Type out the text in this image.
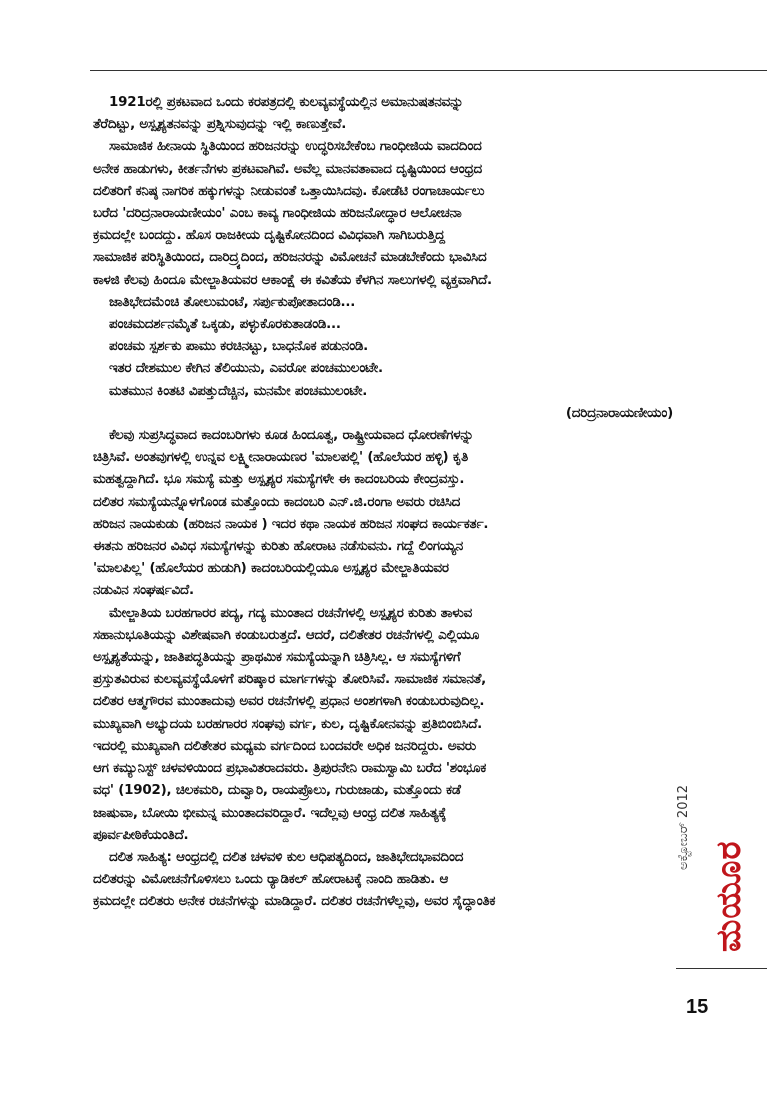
1921ರಲ್ಲಿ ಪ್ರಕಟವಾದ ಒಂದು ಕರಪತ್ರದಲ್ಲಿ ಕುಲವ್ಯವಸ್ಥೆಯಲ್ಲಿನ ಅಮಾನುಷತನವನ್ನು
ತೆರೆದಿಟ್ಟು, ಅಸ್ಪೃಶ್ಯತನವನ್ನು ಪ್ರಶ್ನಿಸುವುದನ್ನು ಇಲ್ಲಿ ಕಾಣುತ್ತೇವೆ.
ಸಾಮಾಜಿಕ ಹೀನಾಯ ಸ್ಥಿತಿಯಿಂದ ಹರಿಜನರನ್ನು ಉದ್ಧರಿಸಬೇಕೆಂಬ ಗಾಂಧೀಜಿಯ ವಾದದಿಂದ
ಅನೇಕ ಹಾಡುಗಳು, ಕೀರ್ತನೆಗಳು ಪ್ರಕಟವಾಗಿವೆ. ಅವೆಲ್ಲ ಮಾನವತಾವಾದ ದೃಷ್ಟಿಯಿಂದ ಆಂಧ್ರದ
ದಲಿತರಿಗೆ ಕನಿಷ್ಠ ನಾಗರಿಕ ಹಕ್ಕುಗಳನ್ನು ನೀಡುವಂತೆ ಒತ್ತಾಯಿಸಿದವು. ಕೋಡೆಟಿ ರಂಗಾಚಾರ್ಯಲು
ಬರೆದ 'ದರಿದ್ರನಾರಾಯಣೀಯಂ' ಎಂಬ ಕಾವ್ಯ ಗಾಂಧೀಜಿಯ ಹರಿಜನೋದ್ಧಾರ ಆಲೋಚನಾ
ಕ್ರಮದಲ್ಲೇ ಬಂದದ್ದು. ಹೊಸ ರಾಜಕೀಯ ದೃಷ್ಟಿಕೋನದಿಂದ ವಿವಿಧವಾಗಿ ಸಾಗಿಬರುತ್ತಿದ್ದ
ಸಾಮಾಜಿಕ ಪರಿಸ್ಥಿತಿಯಿಂದ, ದಾರಿದ್ರ್ಯದಿಂದ, ಹರಿಜನರನ್ನು ವಿಮೋಚನೆ ಮಾಡಬೇಕೆಂದು ಭಾವಿಸಿದ
ಕಾಳಜಿ ಕೆಲವು ಹಿಂದೂ ಮೇಲ್ಜಾತಿಯವರ ಆಕಾಂಕ್ಷೆ ಈ ಕವಿತೆಯ ಕೆಳಗಿನ ಸಾಲುಗಳಲ್ಲಿ ವ್ಯಕ್ತವಾಗಿದೆ.
ಜಾತಿಭೇದಮೆಂಚಿ ತೋಲುಮಂಟೆ, ಸರ್ಪುಕುಪೋತಾದಂಡಿ...
ಪಂಚಮದರ್ಶನಮೈತೆ ಒಕ್ಕಡು, ಪಳ್ಳುಕೊರಕುತಾಡಂಡಿ...
ಪಂಚಮ ಸ್ಪರ್ಶಕು ಪಾಮು ಕರಚಿನಟ್ಟು, ಬಾಧನೊಕ ಪಡುನಂಡಿ.
ಇತರ ದೇಶಮುಲ ಕೇಗಿನ ತೆಲಿಯುನು, ಎವರೋ ಪಂಚಮುಲಂಟೇ.
ಮತಮುನ ಕಿಂತಟಿ ವಿಪತ್ತುದೆಚ್ಚಿನ, ಮನಮೇ ಪಂಚಮುಲಂಟೇ.
(ದರಿದ್ರನಾರಾಯಣೀಯಂ)
ಕೆಲವು ಸುಪ್ರಸಿದ್ಧವಾದ ಕಾದಂಬರಿಗಳು ಕೂಡ ಹಿಂದೂತ್ವ, ರಾಷ್ಟ್ರೀಯವಾದ ಧೋರಣೆಗಳನ್ನು
ಚಿತ್ರಿಸಿವೆ. ಅಂತವುಗಳಲ್ಲಿ ಉನ್ನವ ಲಕ್ಷ್ಮೀನಾರಾಯಣರ 'ಮಾಲಪಲ್ಲಿ' (ಹೊಲೆಯರ ಹಳ್ಳಿ) ಕೃತಿ
ಮಹತ್ವದ್ದಾಗಿದೆ. ಭೂ ಸಮಸ್ಯೆ ಮತ್ತು ಅಸ್ಪೃಶ್ಯರ ಸಮಸ್ಯೆಗಳೇ ಈ ಕಾದಂಬರಿಯ ಕೇಂದ್ರವಸ್ತು.
ದಲಿತರ ಸಮಸ್ಯೆಯನ್ನೊಳಗೊಂಡ ಮತ್ತೊಂದು ಕಾದಂಬರಿ ಎನ್.ಜಿ.ರಂಗಾ ಅವರು ರಚಿಸಿದ
ಹರಿಜನ ನಾಯಕುಡು (ಹರಿಜನ ನಾಯಕ ) ಇದರ ಕಥಾ ನಾಯಕ ಹರಿಜನ ಸಂಘದ ಕಾರ್ಯಕರ್ತ.
ಈತನು ಹರಿಜನರ ವಿವಿಧ ಸಮಸ್ಯೆಗಳನ್ನು ಕುರಿತು ಹೋರಾಟ ನಡೆಸುವನು. ಗದ್ದೆ ಲಿಂಗಯ್ಯನ
'ಮಾಲಪಿಲ್ಲ' (ಹೊಲೆಯರ ಹುಡುಗಿ) ಕಾದಂಬರಿಯಲ್ಲಿಯೂ ಅಸ್ಪೃಶ್ಯರ ಮೇಲ್ಜಾತಿಯವರ
ನಡುವಿನ ಸಂಘರ್ಷವಿದೆ.
ಮೇಲ್ಜಾತಿಯ ಬರಹಗಾರರ ಪದ್ಯ, ಗದ್ಯ ಮುಂತಾದ ರಚನೆಗಳಲ್ಲಿ ಅಸ್ಪೃಶ್ಯರ ಕುರಿತು ತಾಳುವ
ಸಹಾನುಭೂತಿಯನ್ನು ವಿಶೇಷವಾಗಿ ಕಂಡುಬರುತ್ತದೆ. ಆದರೆ, ದಲಿತೇತರ ರಚನೆಗಳಲ್ಲಿ ಎಲ್ಲಿಯೂ
ಅಸ್ಪೃಶ್ಯತೆಯನ್ನು, ಜಾತಿಪದ್ಧತಿಯನ್ನು ಪ್ರಾಥಮಿಕ ಸಮಸ್ಯೆಯನ್ನಾಗಿ ಚಿತ್ರಿಸಿಲ್ಲ. ಆ ಸಮಸ್ಯೆಗಳಿಗೆ
ಪ್ರಸ್ತುತವಿರುವ ಕುಲವ್ಯವಸ್ಥೆಯೊಳಗೆ ಪರಿಷ್ಕಾರ ಮಾರ್ಗಗಳನ್ನು ತೋರಿಸಿವೆ. ಸಾಮಾಜಿಕ ಸಮಾನತೆ,
ದಲಿತರ ಆತ್ಮಗೌರವ ಮುಂತಾದುವು ಅವರ ರಚನೆಗಳಲ್ಲಿ ಪ್ರಧಾನ ಅಂಶಗಳಾಗಿ ಕಂಡುಬರುವುದಿಲ್ಲ.
ಮುಖ್ಯವಾಗಿ ಅಭ್ಯುದಯ ಬರಹಗಾರರ ಸಂಘವು ವರ್ಗ, ಕುಲ, ದೃಷ್ಟಿಕೋನವನ್ನು ಪ್ರತಿಬಿಂಬಿಸಿದೆ.
ಇದರಲ್ಲಿ ಮುಖ್ಯವಾಗಿ ದಲಿತೇತರ ಮಧ್ಯಮ ವರ್ಗದಿಂದ ಬಂದವರೇ ಅಧಿಕ ಜನರಿದ್ದರು. ಅವರು
ಆಗ ಕಮ್ಯುನಿಸ್ಟ್ ಚಳವಳಿಯಿಂದ ಪ್ರಭಾವಿತರಾದವರು. ತ್ರಿಪುರನೇನಿ ರಾಮಸ್ವಾಮಿ ಬರೆದ 'ಶಂಭೂಕ
ವಧ' (1902), ಚಿಲಕಮರಿ, ದುವ್ವಾರಿ, ರಾಯಪ್ರೊಲು, ಗುರುಜಾಡು, ಮತ್ತೊಂದು ಕಡೆ
ಜಾಷುವಾ, ಬೋಯಿ ಭೀಮನ್ನ ಮುಂತಾದವರಿದ್ದಾರೆ. ಇದೆಲ್ಲವು ಆಂಧ್ರ ದಲಿತ ಸಾಹಿತ್ಯಕ್ಕೆ
ಪೂರ್ವಪೀಠಿಕೆಯಂತಿದೆ.
ದಲಿತ ಸಾಹಿತ್ಯ: ಆಂಧ್ರದಲ್ಲಿ ದಲಿತ ಚಳವಳಿ ಕುಲ ಆಧಿಪತ್ಯದಿಂದ, ಜಾತಿಭೇದಭಾವದಿಂದ
ದಲಿತರನ್ನು ವಿಮೋಚನೆಗೊಳಿಸಲು ಒಂದು ರ್‍ಯಾಡಿಕಲ್ ಹೋರಾಟಕ್ಕೆ ನಾಂದಿ ಹಾಡಿತು. ಆ
ಕ್ರಮದಲ್ಲೇ ದಲಿತರು ಅನೇಕ ರಚನೆಗಳನ್ನು ಮಾಡಿದ್ದಾರೆ. ದಲಿತರ ರಚನೆಗಳೆಲ್ಲವು, ಅವರ ಸೈದ್ಧಾಂತಿಕ
ಅಕ್ಟೋಬರ್ 2012
ಮಯೂರ
15
